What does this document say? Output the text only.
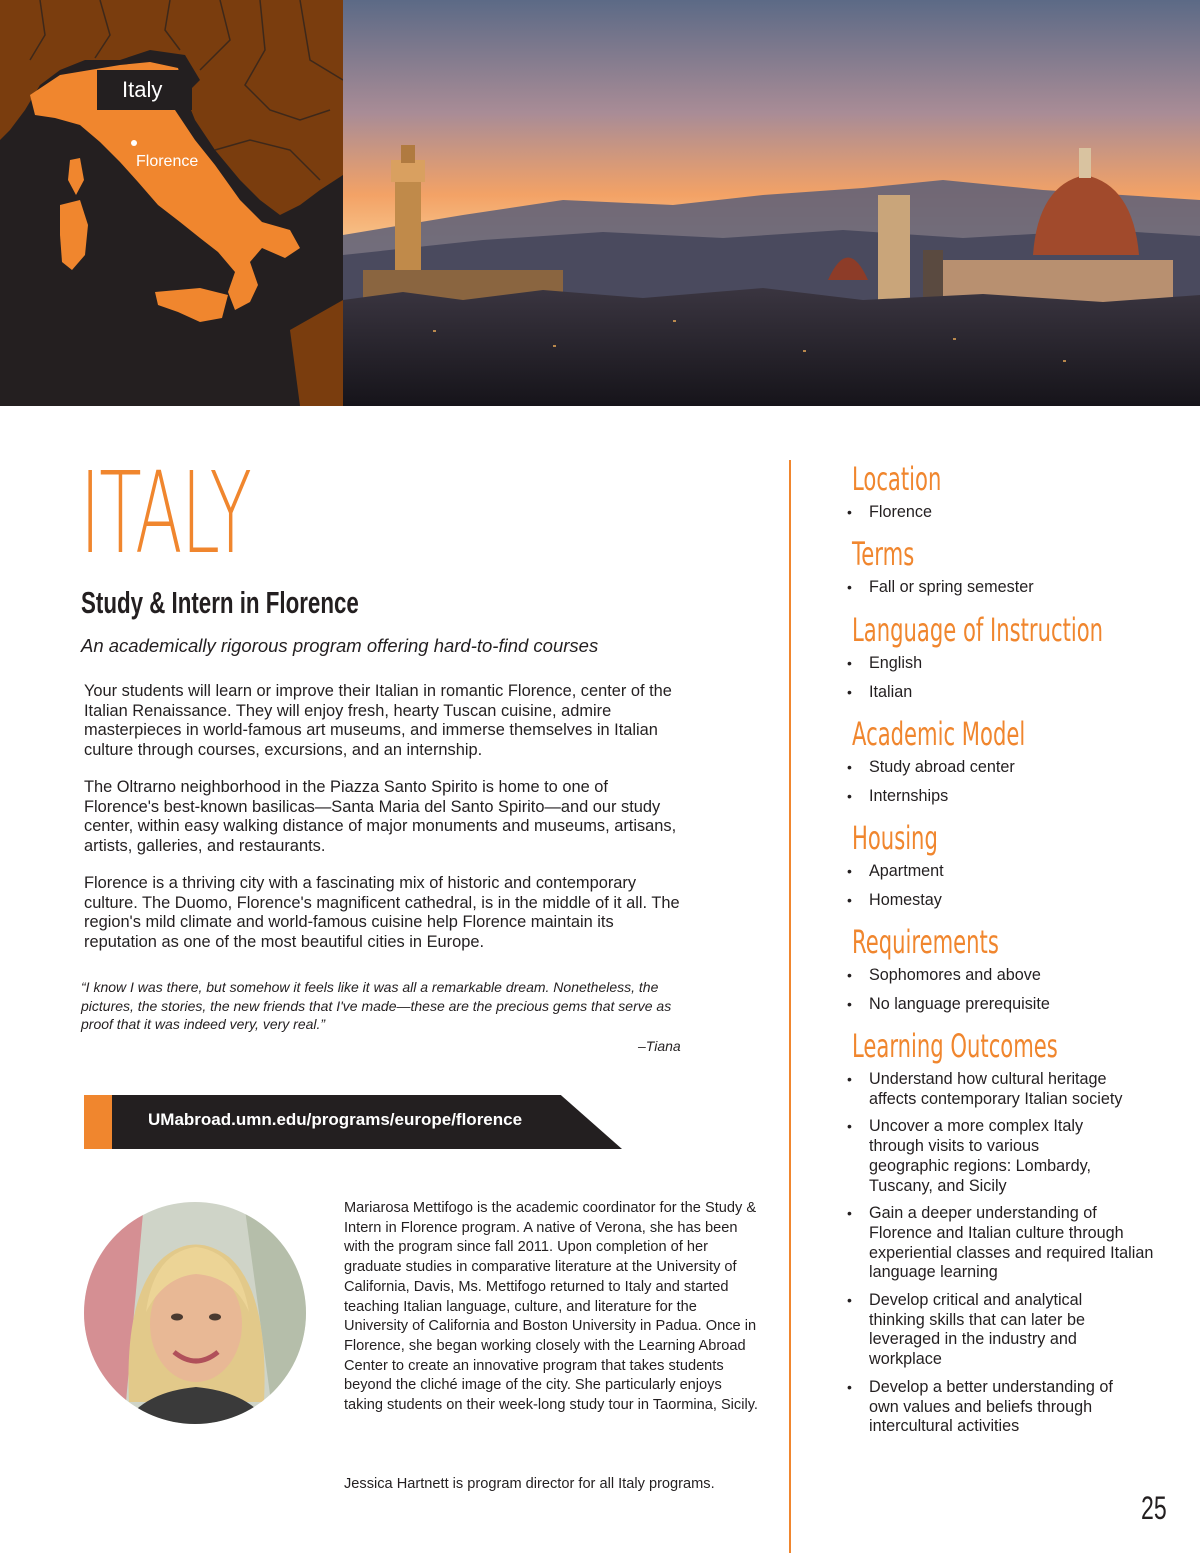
Italy
Florence
ITALY
Study & Intern in Florence

An academically rigorous program offering hard-to-find courses

Your students will learn or improve their Italian in romantic Florence, center of the Italian Renaissance. They will enjoy fresh, hearty Tuscan cuisine, admire masterpieces in world-famous art museums, and immerse themselves in Italian culture through courses, excursions, and an internship.

The Oltrarno neighborhood in the Piazza Santo Spirito is home to one of Florence's best-known basilicas—Santa Maria del Santo Spirito—and our study center, within easy walking distance of major monuments and museums, artisans, artists, galleries, and restaurants.

Florence is a thriving city with a fascinating mix of historic and contemporary culture. The Duomo, Florence's magnificent cathedral, is in the middle of it all. The region's mild climate and world-famous cuisine help Florence maintain its reputation as one of the most beautiful cities in Europe.

“I know I was there, but somehow it feels like it was all a remarkable dream. Nonetheless, the pictures, the stories, the new friends that I've made—these are the precious gems that serve as proof that it was indeed very, very real.”

–Tiana

UMabroad.umn.edu/programs/europe/florence

Mariarosa Mettifogo is the academic coordinator for the Study & Intern in Florence program. A native of Verona, she has been with the program since fall 2011. Upon completion of her graduate studies in comparative literature at the University of California, Davis, Ms. Mettifogo returned to Italy and started teaching Italian language, culture, and literature for the University of California and Boston University in Padua. Once in Florence, she began working closely with the Learning Abroad Center to create an innovative program that takes students beyond the cliché image of the city. She particularly enjoys taking students on their week-long study tour in Taormina, Sicily.

Jessica Hartnett is program director for all Italy programs.

Location
• Florence
Terms
• Fall or spring semester
Language of Instruction
• English
• Italian
Academic Model
• Study abroad center
• Internships
Housing
• Apartment
• Homestay
Requirements
• Sophomores and above
• No language prerequisite
Learning Outcomes
• Understand how cultural heritage affects contemporary Italian society
• Uncover a more complex Italy through visits to various geographic regions: Lombardy, Tuscany, and Sicily
• Gain a deeper understanding of Florence and Italian culture through experiential classes and required Italian language learning
• Develop critical and analytical thinking skills that can later be leveraged in the industry and workplace
• Develop a better understanding of own values and beliefs through intercultural activities
25
